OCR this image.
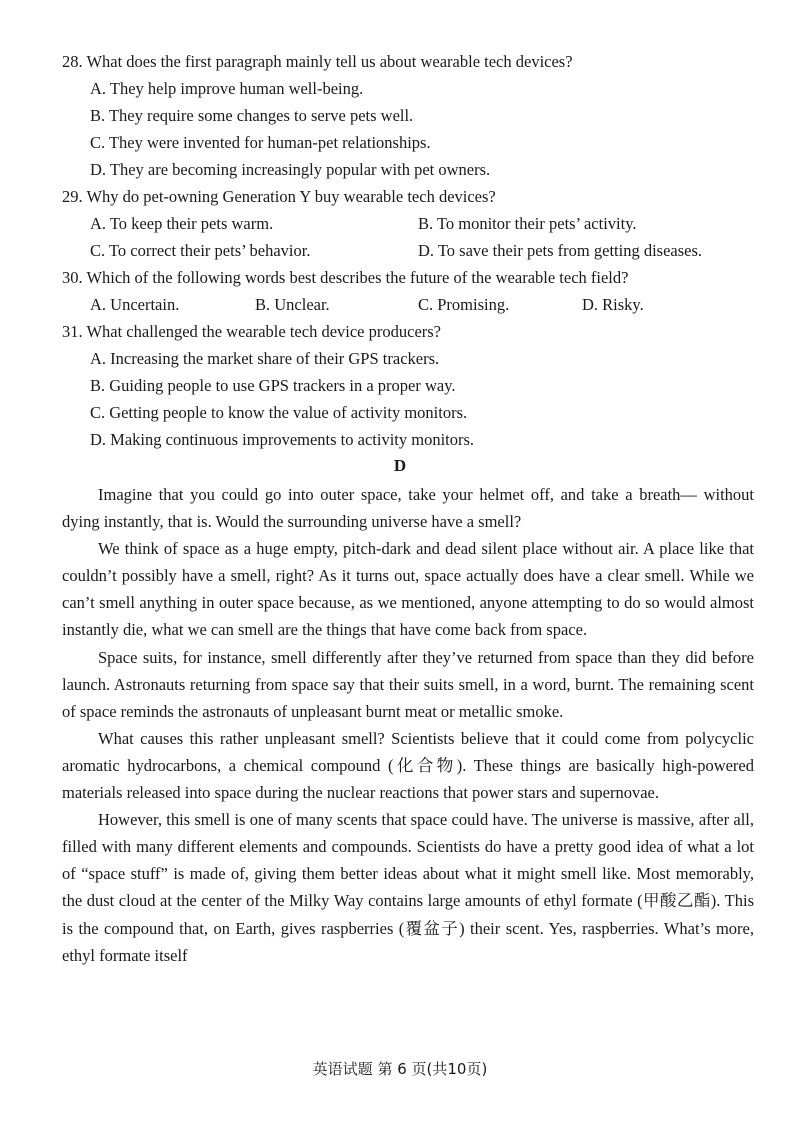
28. What does the first paragraph mainly tell us about wearable tech devices?
A. They help improve human well-being.
B. They require some changes to serve pets well.
C. They were invented for human-pet relationships.
D. They are becoming increasingly popular with pet owners.
29. Why do pet-owning Generation Y buy wearable tech devices?
A. To keep their pets warm.	B. To monitor their pets’ activity.
C. To correct their pets’ behavior.	D. To save their pets from getting diseases.
30. Which of the following words best describes the future of the wearable tech field?
A. Uncertain.	B. Unclear.	C. Promising.	D. Risky.
31. What challenged the wearable tech device producers?
A. Increasing the market share of their GPS trackers.
B. Guiding people to use GPS trackers in a proper way.
C. Getting people to know the value of activity monitors.
D. Making continuous improvements to activity monitors.
D

Imagine that you could go into outer space, take your helmet off, and take a breath— without dying instantly, that is. Would the surrounding universe have a smell?

We think of space as a huge empty, pitch-dark and dead silent place without air. A place like that couldn’t possibly have a smell, right? As it turns out, space actually does have a clear smell. While we can’t smell anything in outer space because, as we mentioned, anyone attempting to do so would almost instantly die, what we can smell are the things that have come back from space.

Space suits, for instance, smell differently after they’ve returned from space than they did before launch. Astronauts returning from space say that their suits smell, in a word, burnt. The remaining scent of space reminds the astronauts of unpleasant burnt meat or metallic smoke.

What causes this rather unpleasant smell? Scientists believe that it could come from polycyclic aromatic hydrocarbons, a chemical compound (化合物). These things are basically high-powered materials released into space during the nuclear reactions that power stars and supernovae.

However, this smell is one of many scents that space could have. The universe is massive, after all, filled with many different elements and compounds. Scientists do have a pretty good idea of what a lot of “space stuff” is made of, giving them better ideas about what it might smell like. Most memorably, the dust cloud at the center of the Milky Way contains large amounts of ethyl formate (甲酸乙酯). This is the compound that, on Earth, gives raspberries (覆盆子) their scent. Yes, raspberries. What’s more, ethyl formate itself

英语试题 第 6 页(共10页)
